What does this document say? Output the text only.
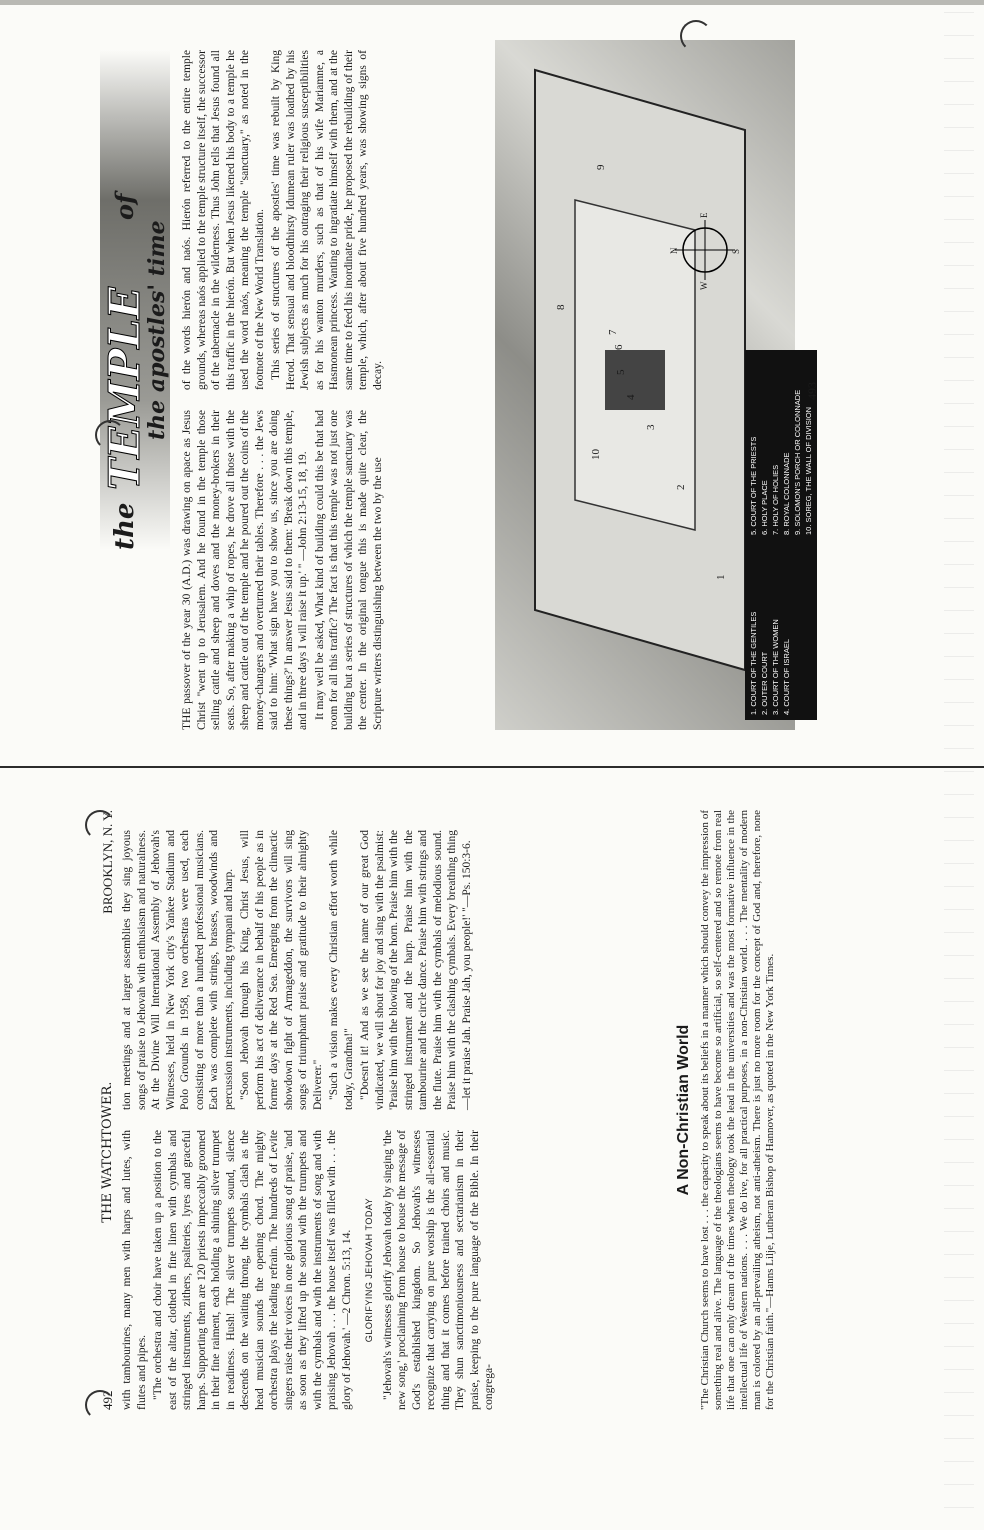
492
THE WATCHTOWER.
BROOKLYN, N. Y.

with tambourines, many men with harps and lutes, with flutes and pipes. "The orchestra and choir have taken up a position to the east of the altar, clothed in fine linen with cymbals and stringed instruments, zithers, psalteries, lyres and graceful harps. Supporting them are 120 priests impeccably groomed in their fine raiment, each holding a shining silver trumpet in readiness. Hush! The silver trumpets sound, silence descends on the waiting throng, the cymbals clash as the head musician sounds the opening chord. The mighty orchestra plays the leading refrain. The hundreds of Levite singers raise their voices in one glorious song of praise, 'and as soon as they lifted up the sound with the trumpets and with the cymbals and with the instruments of song and with praising Jehovah . . . the house itself was filled with . . . the glory of Jehovah.' —2 Chron. 5:13, 14. GLORIFYING JEHOVAH TODAY "Jehovah's witnesses glorify Jehovah today by singing 'the new song,' proclaiming from house to house the message of God's established kingdom. So Jehovah's witnesses recognize that carrying on pure worship is the all-essential thing and that it comes before trained choirs and music. They shun sanctimoniousness and sectarianism in their praise, keeping to the pure language of the Bible. In their congrega-

tion meetings and at larger assemblies they sing joyous songs of praise to Jehovah with enthusiasm and naturalness. At the Divine Will International Assembly of Jehovah's Witnesses, held in New York city's Yankee Stadium and Polo Grounds in 1958, two orchestras were used, each consisting of more than a hundred professional musicians. Each was complete with strings, brasses, woodwinds and percussion instruments, including tympani and harp. "Soon Jehovah through his King, Christ Jesus, will perform his act of deliverance in behalf of his people as in former days at the Red Sea. Emerging from the climactic showdown fight of Armageddon, the survivors will sing songs of triumphant praise and gratitude to their almighty Deliverer." "Such a vision makes every Christian effort worth while today, Grandma!" "Doesn't it! And as we see the name of our great God vindicated, we will shout for joy and sing with the psalmist: 'Praise him with the blowing of the horn. Praise him with the stringed instrument and the harp. Praise him with the tambourine and the circle dance. Praise him with strings and the flute. Praise him with the cymbals of melodious sound. Praise him with the clashing cymbals. Every breathing thing —let it praise Jah. Praise Jah, you people!' "—Ps. 150:3-6.	A Non-Christian World "The Christian Church seems to have lost . . . the capacity to speak about its beliefs in a manner which should convey the impression of something real and alive. The language of the theologians seems to have become so artificial, so self-centered and so remote from real life that one can only dream of the times when theology took the lead in the universities and was the most formative influence in the intellectual life of Western nations. . . . We do live, for all practical purposes, in a non-Christian world. . . . The mentality of modern man is colored by an all-prevailing atheism, not anti-atheism. There is just no more room for the concept of God and, therefore, none for the Christian faith."—Hanns Lilje, Lutheran Bishop of Hannover, as quoted in the New York Times.
the
TEMPLE
of
the apostles' time

THE passover of the year 30 (A.D.) was drawing on apace as Jesus Christ "went up to Jerusalem. And he found in the temple those selling cattle and sheep and doves and the money-brokers in their seats. So, after making a whip of ropes, he drove all those with the sheep and cattle out of the temple and he poured out the coins of the money-changers and overturned their tables. Therefore . . . the Jews said to him: 'What sign have you to show us, since you are doing these things?' In answer Jesus said to them: 'Break down this temple, and in three days I will raise it up.' " —John 2:13-15, 18, 19. It may well be asked, What kind of building could this be that had room for all this traffic? The fact is that this temple was not just one building but a series of structures of which the temple sanctuary was the center. In the original tongue this is made quite clear, the Scripture writers distinguishing between the two by the use

of the words hierón and naós. Hierón referred to the entire temple grounds, whereas naós applied to the temple structure itself, the successor of the tabernacle in the wilderness. Thus John tells that Jesus found all this traffic in the hierón. But when Jesus likened his body to a temple he used the word naós, meaning the temple "sanctuary," as noted in the footnote of the New World Translation. This series of structures of the apostles' time was rebuilt by King Herod. That sensual and bloodthirsty Idumean ruler was loathed by his Jewish subjects as much for his outraging their religious susceptibilities as for his wanton murders, such as that of his wife Mariamne, a Hasmonean princess. Wanting to ingratiate himself with them, and at the same time to feed his inordinate pride, he proposed the rebuilding of their temple, which, after about five hundred years, was showing signs of decay.

1
2
3
4
5
6
7
8
9
10
N	S
E
W
1. COURT OF THE GENTILES
5. COURT OF THE PRIESTS
2. OUTER COURT
6. HOLY PLACE
3. COURT OF THE WOMEN
7. HOLY OF HOLIES
4. COURT OF ISRAEL
8. ROYAL COLONNADE 9. SOLOMON'S PORCH OR COLONNADE 10. SOREG, THE WALL OF DIVISION
493
